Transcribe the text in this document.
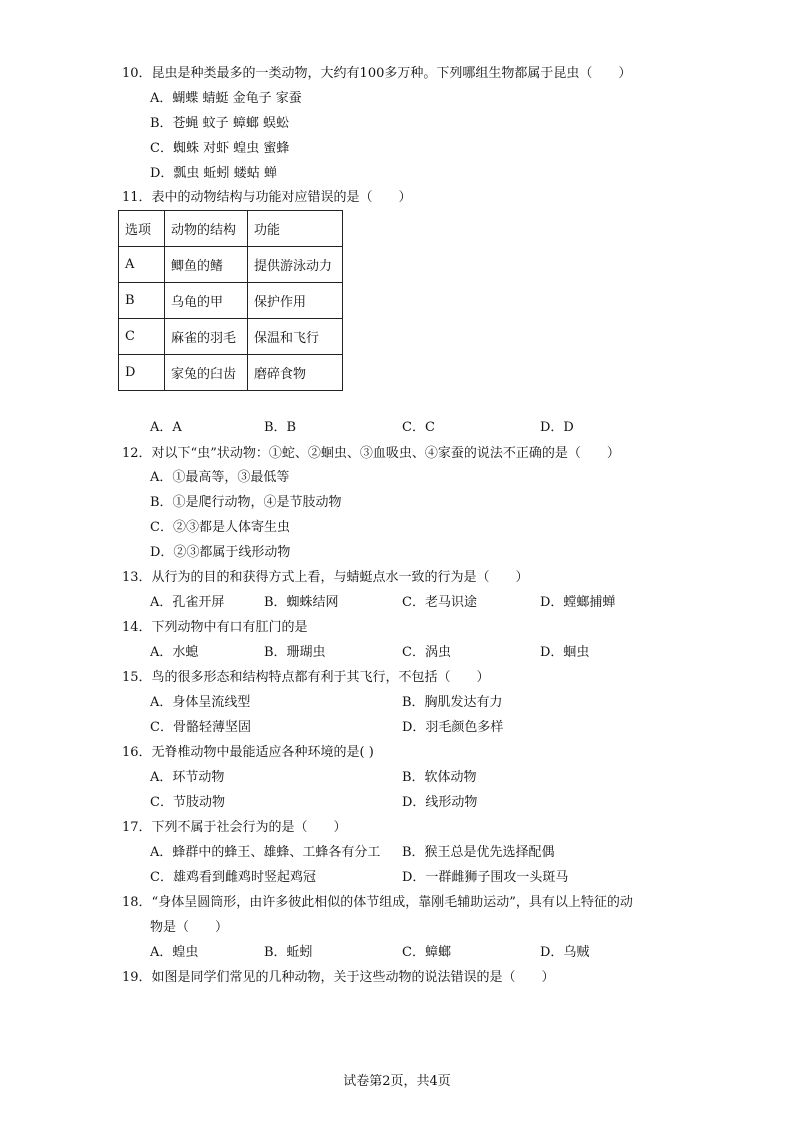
10．昆虫是种类最多的一类动物，大约有100多万种。下列哪组生物都属于昆虫（　　）
A．蝴蝶 蜻蜓 金龟子 家蚕
B．苍蝇 蚊子 蟑螂 蜈蚣
C．蜘蛛 对虾 蝗虫 蜜蜂
D．瓢虫 蚯蚓 蝼蛄 蝉
11．表中的动物结构与功能对应错误的是（　　）
选项	动物的结构	功能
A	鲫鱼的鳍	提供游泳动力
B	乌龟的甲	保护作用
C	麻雀的羽毛	保温和飞行
D	家兔的臼齿	磨碎食物
A．A	B．B	C．C	D．D
12．对以下“虫”状动物：①蛇、②蛔虫、③血吸虫、④家蚕的说法不正确的是（　　）
A．①最高等，③最低等
B．①是爬行动物，④是节肢动物
C．②③都是人体寄生虫
D．②③都属于线形动物
13．从行为的目的和获得方式上看，与蜻蜓点水一致的行为是（　　）
A．孔雀开屏	B．蜘蛛结网	C．老马识途	D．螳螂捕蝉
14．下列动物中有口有肛门的是
A．水螅	B．珊瑚虫	C．涡虫	D．蛔虫
15．鸟的很多形态和结构特点都有利于其飞行，不包括（　　）
A．身体呈流线型	B．胸肌发达有力
C．骨骼轻薄坚固	D．羽毛颜色多样
16．无脊椎动物中最能适应各种环境的是( )
A．环节动物	B．软体动物
C．节肢动物	D．线形动物
17．下列不属于社会行为的是（　　）
A．蜂群中的蜂王、雄蜂、工蜂各有分工 B．猴王总是优先选择配偶
C．雄鸡看到雌鸡时竖起鸡冠	D．一群雌狮子围攻一头斑马
18．“身体呈圆筒形，由许多彼此相似的体节组成，靠刚毛辅助运动”，具有以上特征的动
物是（　　）
A．蝗虫	B．蚯蚓	C．蟑螂	D．乌贼
19．如图是同学们常见的几种动物，关于这些动物的说法错误的是（　　）
试卷第2页，共4页
